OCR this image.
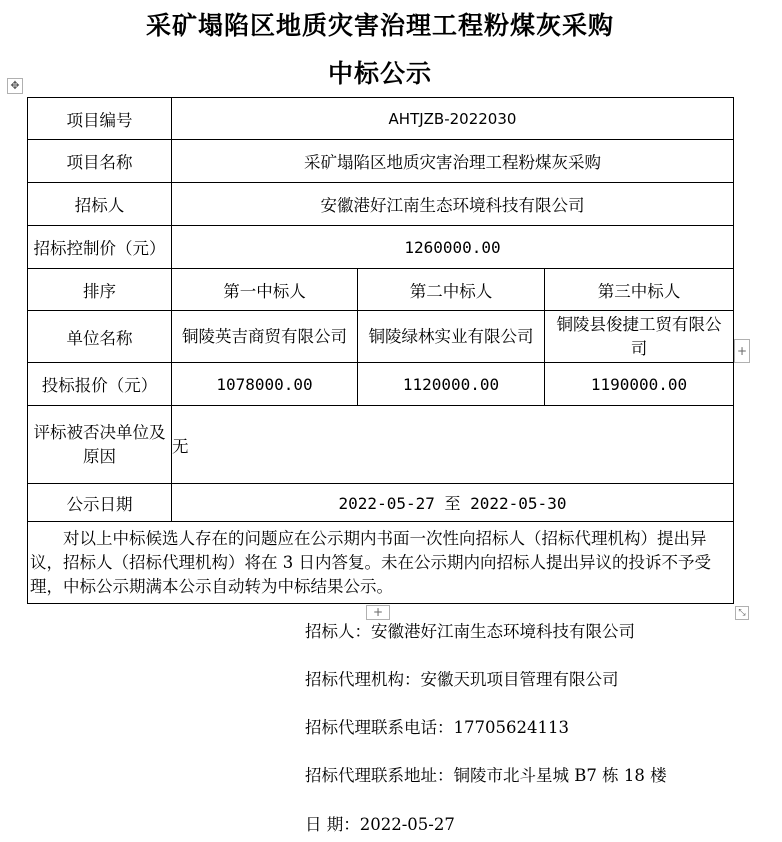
采矿塌陷区地质灾害治理工程粉煤灰采购
中标公示
✥
项目编号	AHTJZB-2022030		
项目名称	采矿塌陷区地质灾害治理工程粉煤灰采购		
招标人	安徽港好江南生态环境科技有限公司		
招标控制价（元）	1260000.00		
排序	第一中标人	第二中标人	第三中标人
单位名称	铜陵英吉商贸有限公司	铜陵绿林实业有限公司	铜陵县俊捷工贸有限公司
投标报价（元）	1078000.00	1120000.00	1190000.00
评标被否决单位及原因	无		
公示日期	2022-05-27 至 2022-05-30		
对以上中标候选人存在的问题应在公示期内书面一次性向招标人（招标代理机构）提出异议，招标人（招标代理机构）将在 3 日内答复。未在公示期内向招标人提出异议的投诉不予受理，中标公示期满本公示自动转为中标结果公示。			
+
+	⤡
招标人：安徽港好江南生态环境科技有限公司
招标代理机构：安徽天玑项目管理有限公司
招标代理联系电话：17705624113
招标代理联系地址：铜陵市北斗星城 B7 栋 18 楼
日 期：2022-05-27
